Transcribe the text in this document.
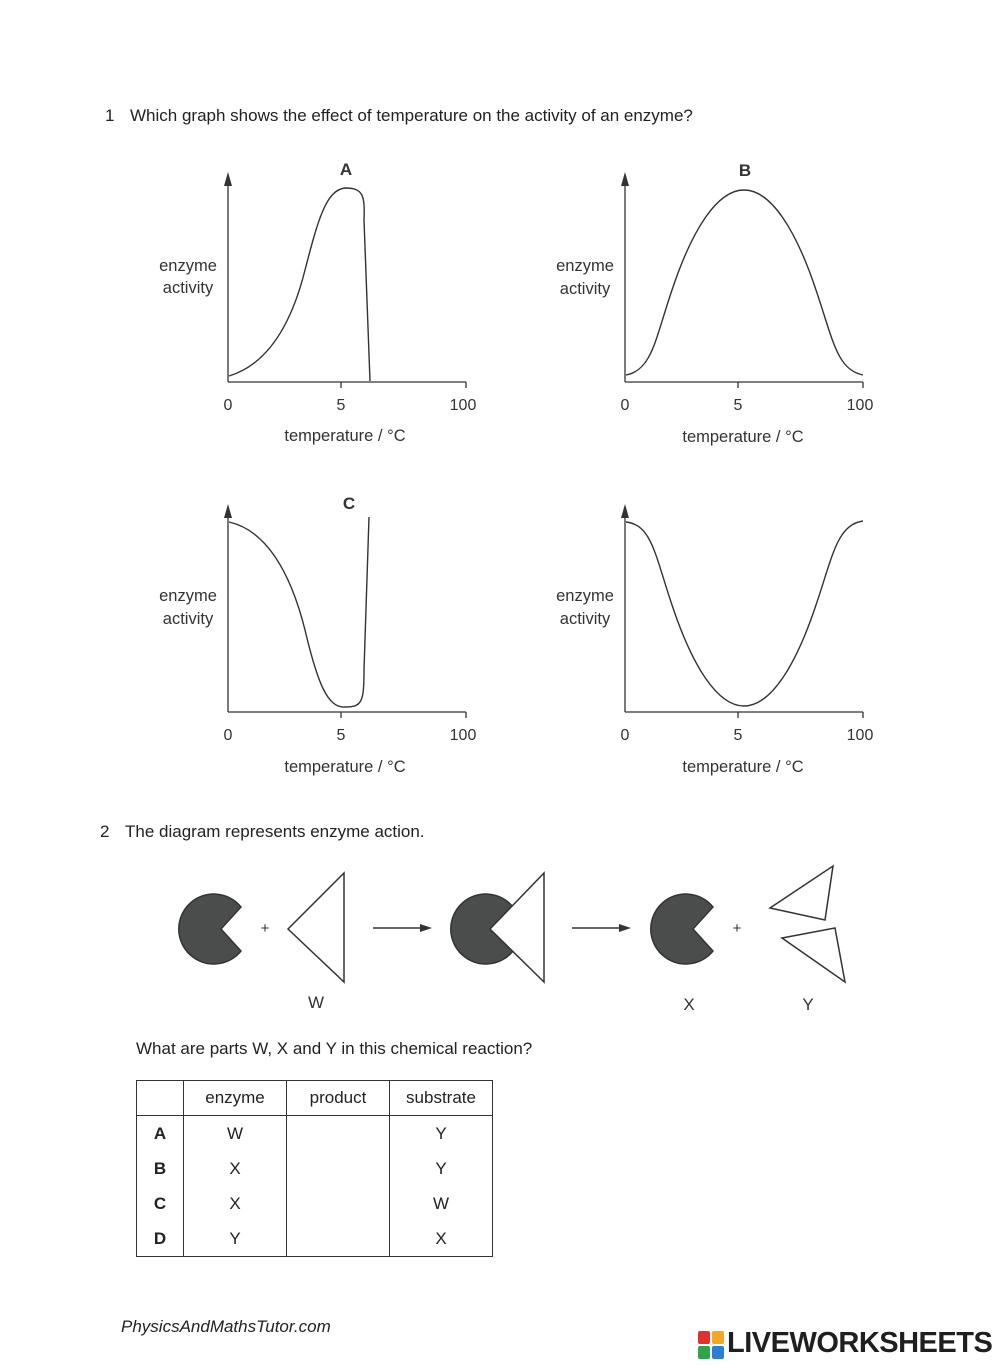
1 Which graph shows the effect of temperature on the activity of an enzyme?
A
enzyme
activity
0	5	100
temperature / °C
B
enzyme
activity
0	5	100
temperature / °C
C
enzyme
activity
0	5	100
temperature / °C
enzyme
activity
0	5	100
temperature / °C
2 The diagram represents enzyme action.
+
W
+
X	Y
What are parts W, X and Y in this chemical reaction?
	enzyme	product	substrate
A	W		Y
B	X		Y
C	X		W
D	Y		X
PhysicsAndMathsTutor.com
LIVEWORKSHEETS
